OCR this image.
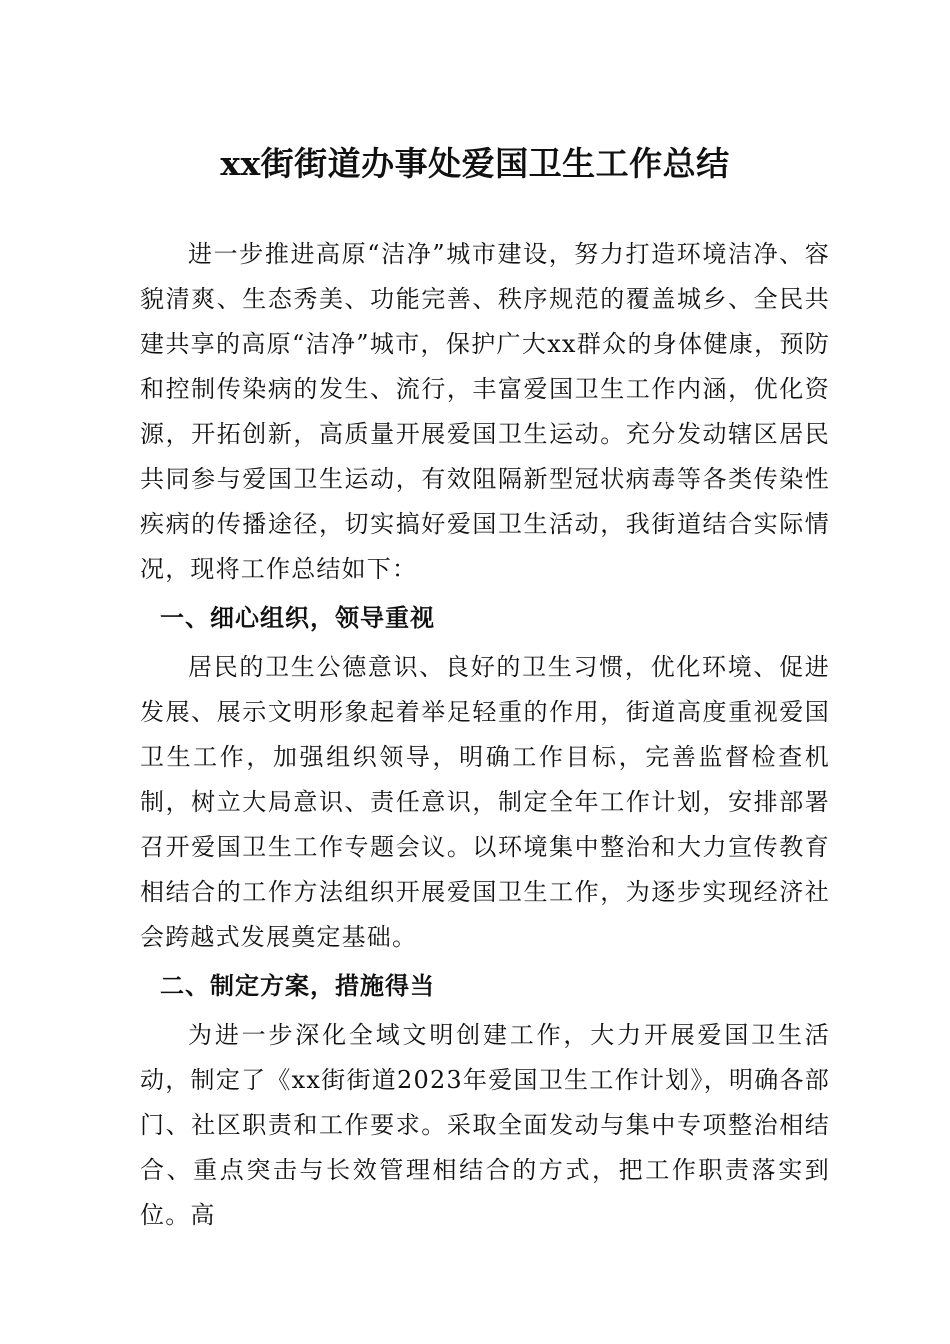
xx街街道办事处爱国卫生工作总结

进一步推进高原“洁净”城市建设，努力打造环境洁净、容貌清爽、生态秀美、功能完善、秩序规范的覆盖城乡、全民共建共享的高原“洁净”城市，保护广大xx群众的身体健康，预防和控制传染病的发生、流行，丰富爱国卫生工作内涵，优化资源，开拓创新，高质量开展爱国卫生运动。充分发动辖区居民共同参与爱国卫生运动，有效阻隔新型冠状病毒等各类传染性疾病的传播途径，切实搞好爱国卫生活动，我街道结合实际情况，现将工作总结如下：

一、细心组织，领导重视

居民的卫生公德意识、良好的卫生习惯，优化环境、促进发展、展示文明形象起着举足轻重的作用，街道高度重视爱国卫生工作，加强组织领导，明确工作目标，完善监督检查机制，树立大局意识、责任意识，制定全年工作计划，安排部署召开爱国卫生工作专题会议。以环境集中整治和大力宣传教育相结合的工作方法组织开展爱国卫生工作，为逐步实现经济社会跨越式发展奠定基础。

二、制定方案，措施得当

为进一步深化全域文明创建工作，大力开展爱国卫生活动，制定了《xx街街道2023年爱国卫生工作计划》，明确各部门、社区职责和工作要求。采取全面发动与集中专项整治相结合、重点突击与长效管理相结合的方式，把工作职责落实到位。高
